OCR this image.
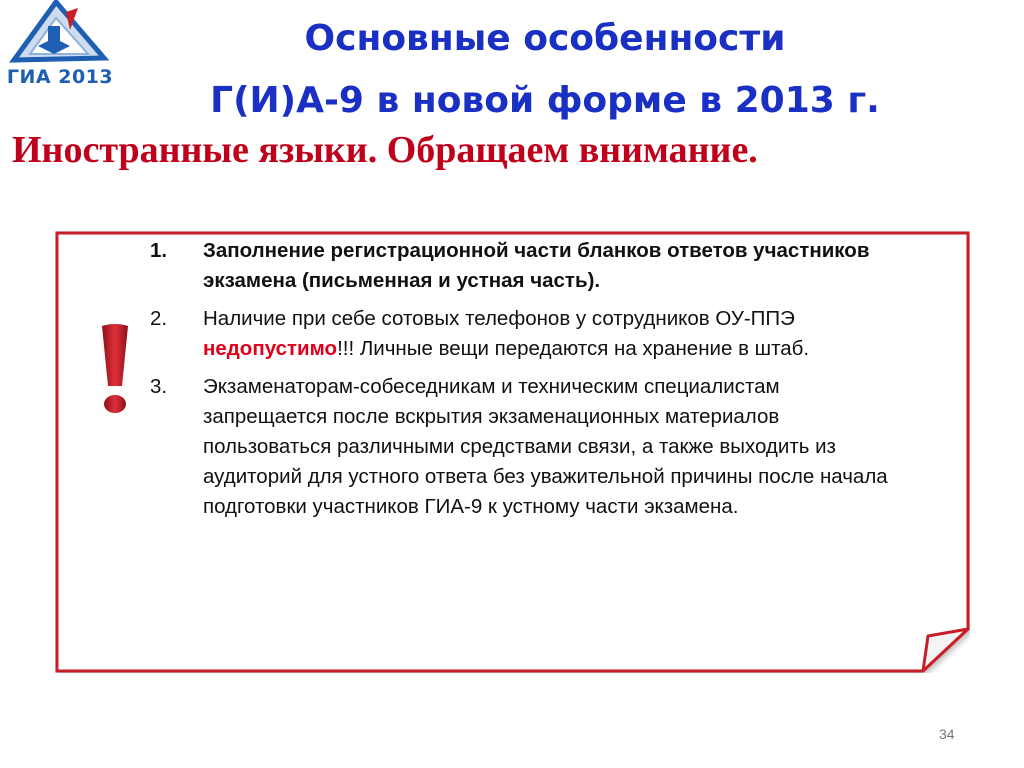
ГИА 2013
Основные особенности
Г(И)А-9 в новой форме в 2013 г.
Иностранные языки. Обращаем внимание.
1. Заполнение регистрационной части бланков ответов участников экзамена (письменная и устная часть).
2. Наличие при себе сотовых телефонов у сотрудников ОУ-ППЭ недопустимо!!! Личные вещи передаются на хранение в штаб.
3. Экзаменаторам-собеседникам и техническим специалистам запрещается после вскрытия экзаменационных материалов пользоваться различными средствами связи, а также выходить из аудиторий для устного ответа без уважительной причины после начала подготовки участников ГИА-9 к устному части экзамена.
34
